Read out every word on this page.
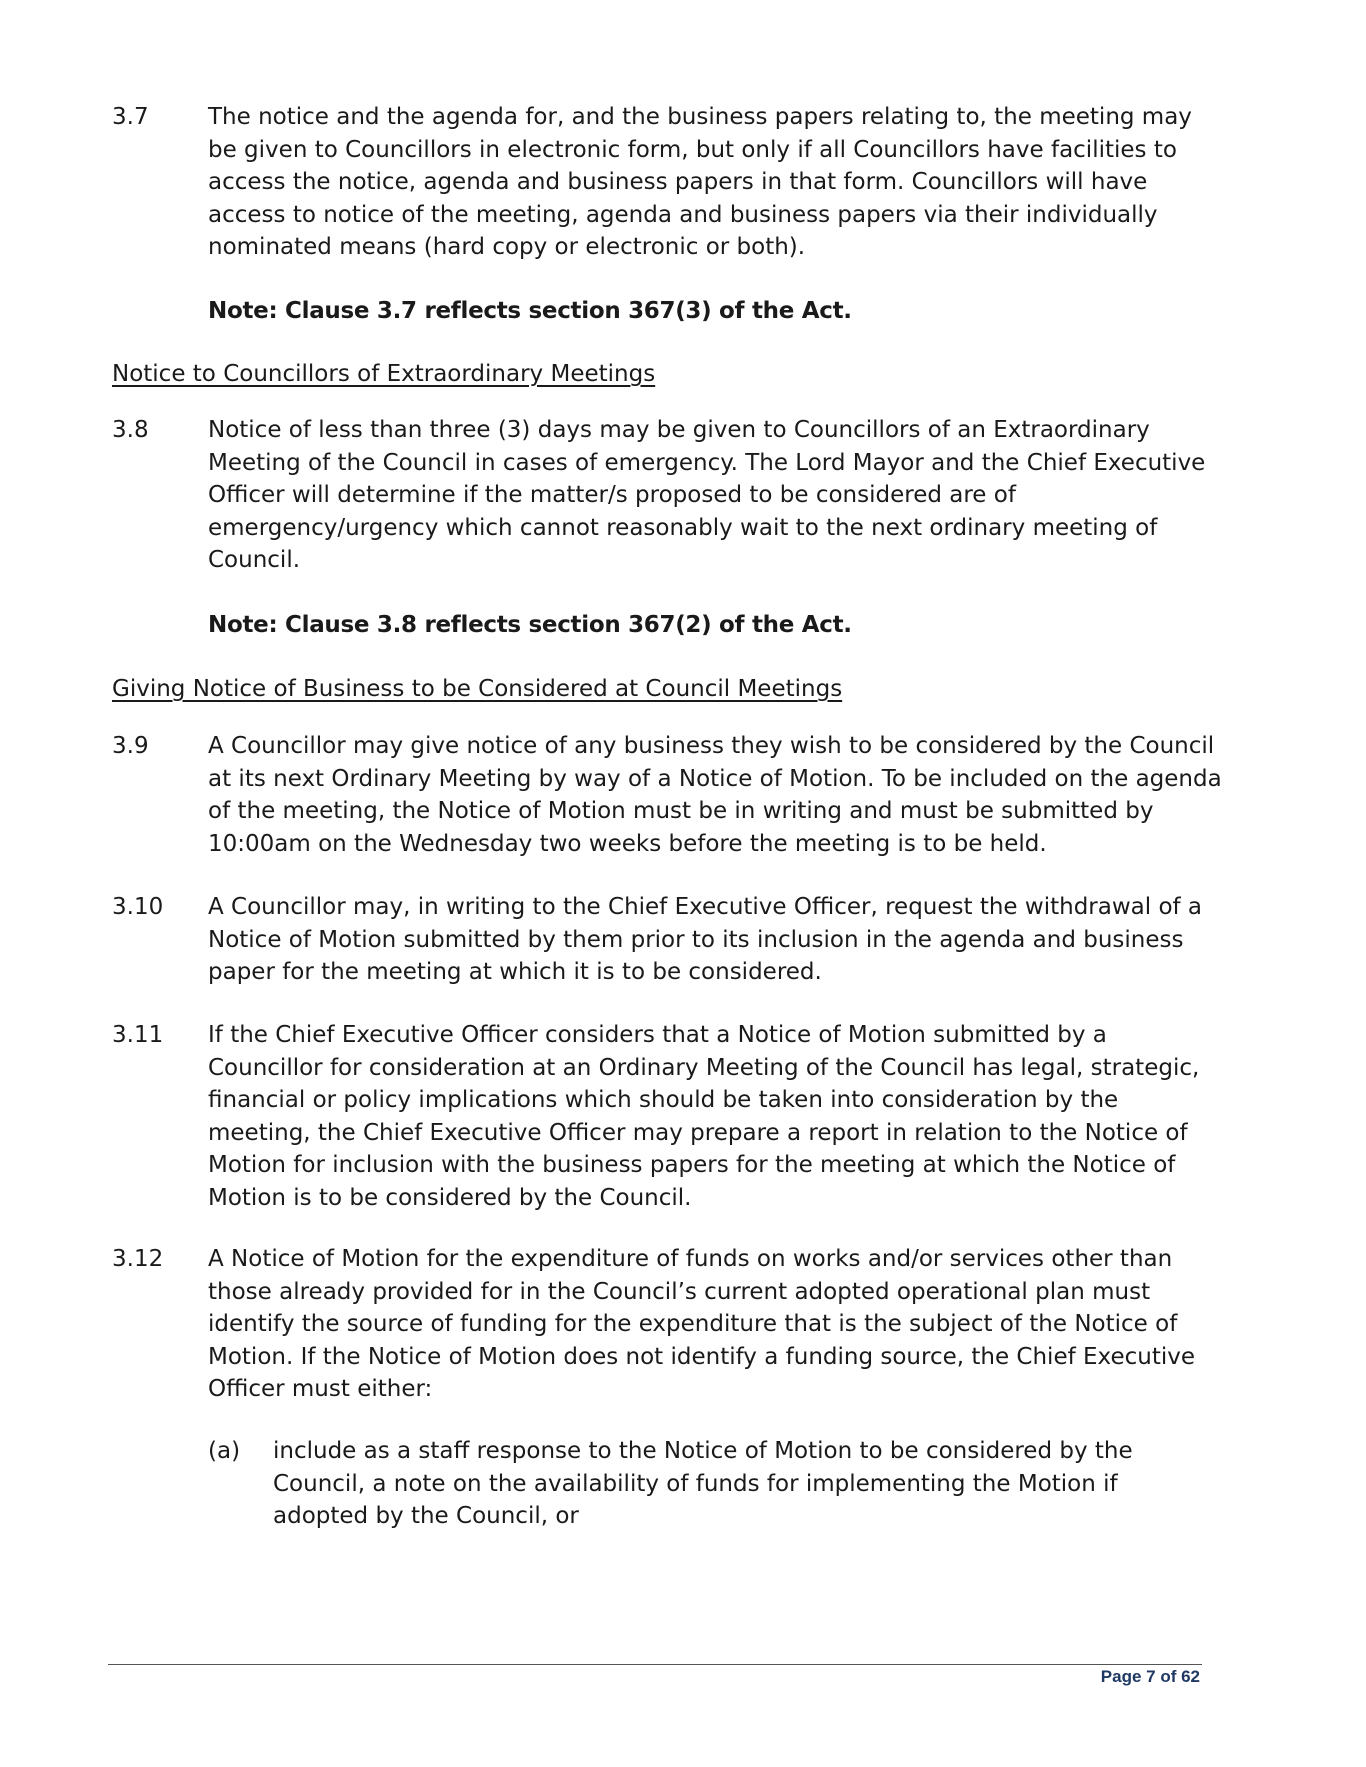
3.7	The notice and the agenda for, and the business papers relating to, the meeting may be given to Councillors in electronic form, but only if all Councillors have facilities to access the notice, agenda and business papers in that form. Councillors will have access to notice of the meeting, agenda and business papers via their individually nominated means (hard copy or electronic or both).
Note: Clause 3.7 reflects section 367(3) of the Act.
Notice to Councillors of Extraordinary Meetings
3.8	Notice of less than three (3) days may be given to Councillors of an Extraordinary Meeting of the Council in cases of emergency. The Lord Mayor and the Chief Executive Officer will determine if the matter/s proposed to be considered are of emergency/urgency which cannot reasonably wait to the next ordinary meeting of Council.
Note: Clause 3.8 reflects section 367(2) of the Act.
Giving Notice of Business to be Considered at Council Meetings
3.9	A Councillor may give notice of any business they wish to be considered by the Council at its next Ordinary Meeting by way of a Notice of Motion. To be included on the agenda of the meeting, the Notice of Motion must be in writing and must be submitted by 10:00am on the Wednesday two weeks before the meeting is to be held.
3.10	A Councillor may, in writing to the Chief Executive Officer, request the withdrawal of a Notice of Motion submitted by them prior to its inclusion in the agenda and business paper for the meeting at which it is to be considered.
3.11	If the Chief Executive Officer considers that a Notice of Motion submitted by a Councillor for consideration at an Ordinary Meeting of the Council has legal, strategic, financial or policy implications which should be taken into consideration by the meeting, the Chief Executive Officer may prepare a report in relation to the Notice of Motion for inclusion with the business papers for the meeting at which the Notice of Motion is to be considered by the Council.
3.12	A Notice of Motion for the expenditure of funds on works and/or services other than those already provided for in the Council’s current adopted operational plan must identify the source of funding for the expenditure that is the subject of the Notice of Motion. If the Notice of Motion does not identify a funding source, the Chief Executive Officer must either:
(a) include as a staff response to the Notice of Motion to be considered by the Council, a note on the availability of funds for implementing the Motion if adopted by the Council, or
Page 7 of 62
